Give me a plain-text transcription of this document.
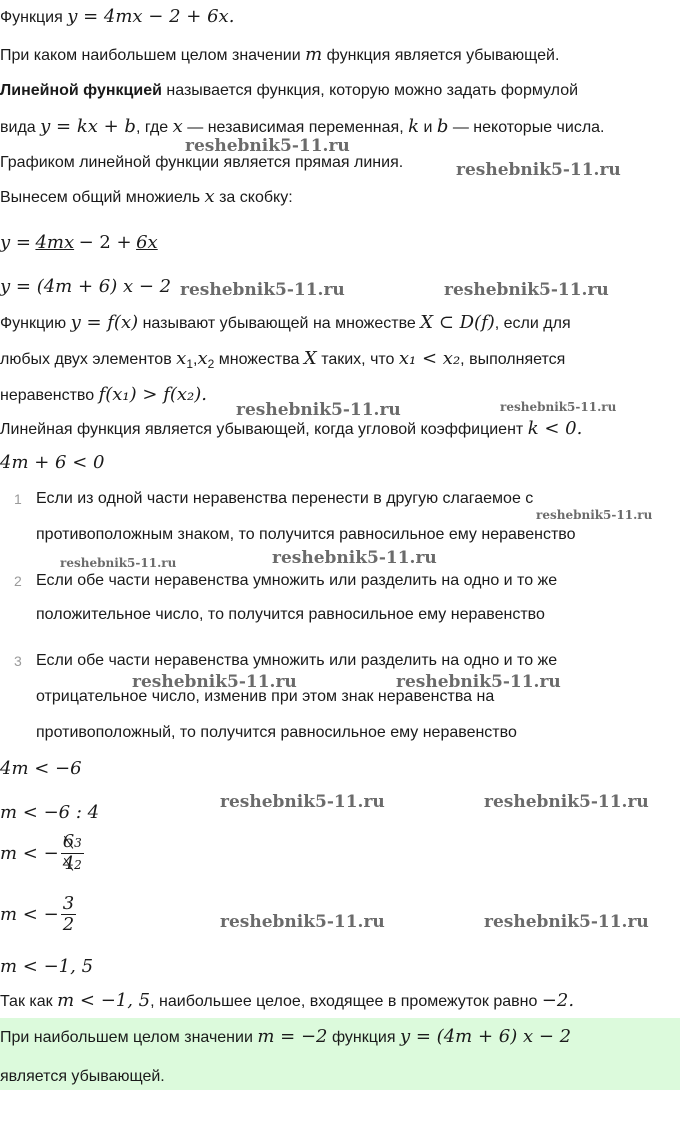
Функция y = 4mx − 2 + 6x.
При каком наибольшем целом значении m функция является убывающей.
Линейной функцией называется функция, которую можно задать формулой
вида y = kx + b, где x — независимая переменная, k и b — некоторые числа.
Графиком линейной функции является прямая линия.
Вынесем общий множиель x за скобку:
y = 4mx − 2 + 6x
y = (4m + 6) x − 2
Функцию y = f(x) называют убывающей на множестве X ⊂ D(f), если для
любых двух элементов $x_1,x_2$ множества X таких, что x₁ < x₂, выполняется
неравенство f(x₁) > f(x₂).
Линейная функция является убывающей, когда угловой коэффициент k < 0.
4m + 6 < 0
1 Если из одной части неравенства перенести в другую слагаемое с
противоположным знаком, то получится равносильное ему неравенство
2 Если обе части неравенства умножить или разделить на одно и то же
положительное число, то получится равносильное ему неравенство
3 Если обе части неравенства умножить или разделить на одно и то же
отрицательное число, изменив при этом знак неравенства на
противоположный, то получится равносильное ему неравенство
4m < −6
m < −6 : 4
m < − $\frac{63}{42}$
m < − $\frac{3}{2}$
m < −1, 5
Так как m < −1, 5, наибольшее целое, входящее в промежуток равно −2.
При наибольшем целом значении m = −2 функция y = (4m + 6) x − 2
является убывающей.
reshebnik5-11.ru
reshebnik5-11.ru
reshebnik5-11.ru	reshebnik5-11.ru
reshebnik5-11.ru	reshebnik5-11.ru
reshebnik5-11.ru
reshebnik5-11.ru	reshebnik5-11.ru
reshebnik5-11.ru	reshebnik5-11.ru
reshebnik5-11.ru	reshebnik5-11.ru
reshebnik5-11.ru	reshebnik5-11.ru
